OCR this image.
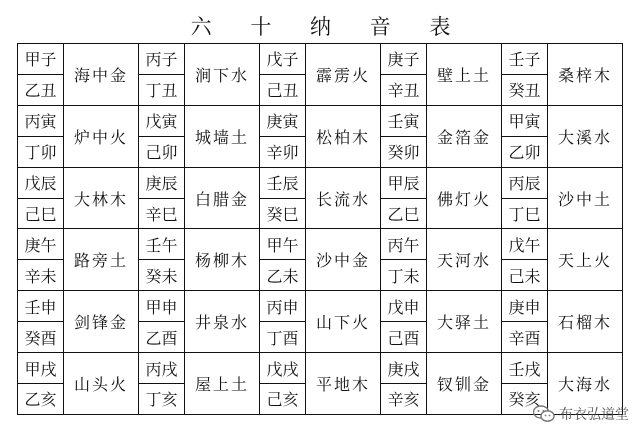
六 十 纳 音 表
甲子	海中金	丙子	涧下水	戊子	霹雳火	庚子	壁上土	壬子	桑梓木
乙丑		丁丑		己丑		辛丑		癸丑	
丙寅	炉中火	戊寅	城墙土	庚寅	松柏木	壬寅	金箔金	甲寅	大溪水
丁卯		己卯		辛卯		癸卯		乙卯	
戊辰	大林木	庚辰	白腊金	壬辰	长流水	甲辰	佛灯火	丙辰	沙中土
己巳		辛巳		癸巳		乙巳		丁巳	
庚午	路旁土	壬午	杨柳木	甲午	沙中金	丙午	天河水	戊午	天上火
辛未		癸未		乙未		丁未		己未	
壬申	剑锋金	甲申	井泉水	丙申	山下火	戊申	大驿土	庚申	石榴木
癸酉		乙酉		丁酉		己酉		辛酉	
甲戌	山头火	丙戌	屋上土	戊戌	平地木	庚戌	钗钏金	壬戌	大海水
乙亥		丁亥		己亥		辛亥		癸亥	
布衣弘道堂
